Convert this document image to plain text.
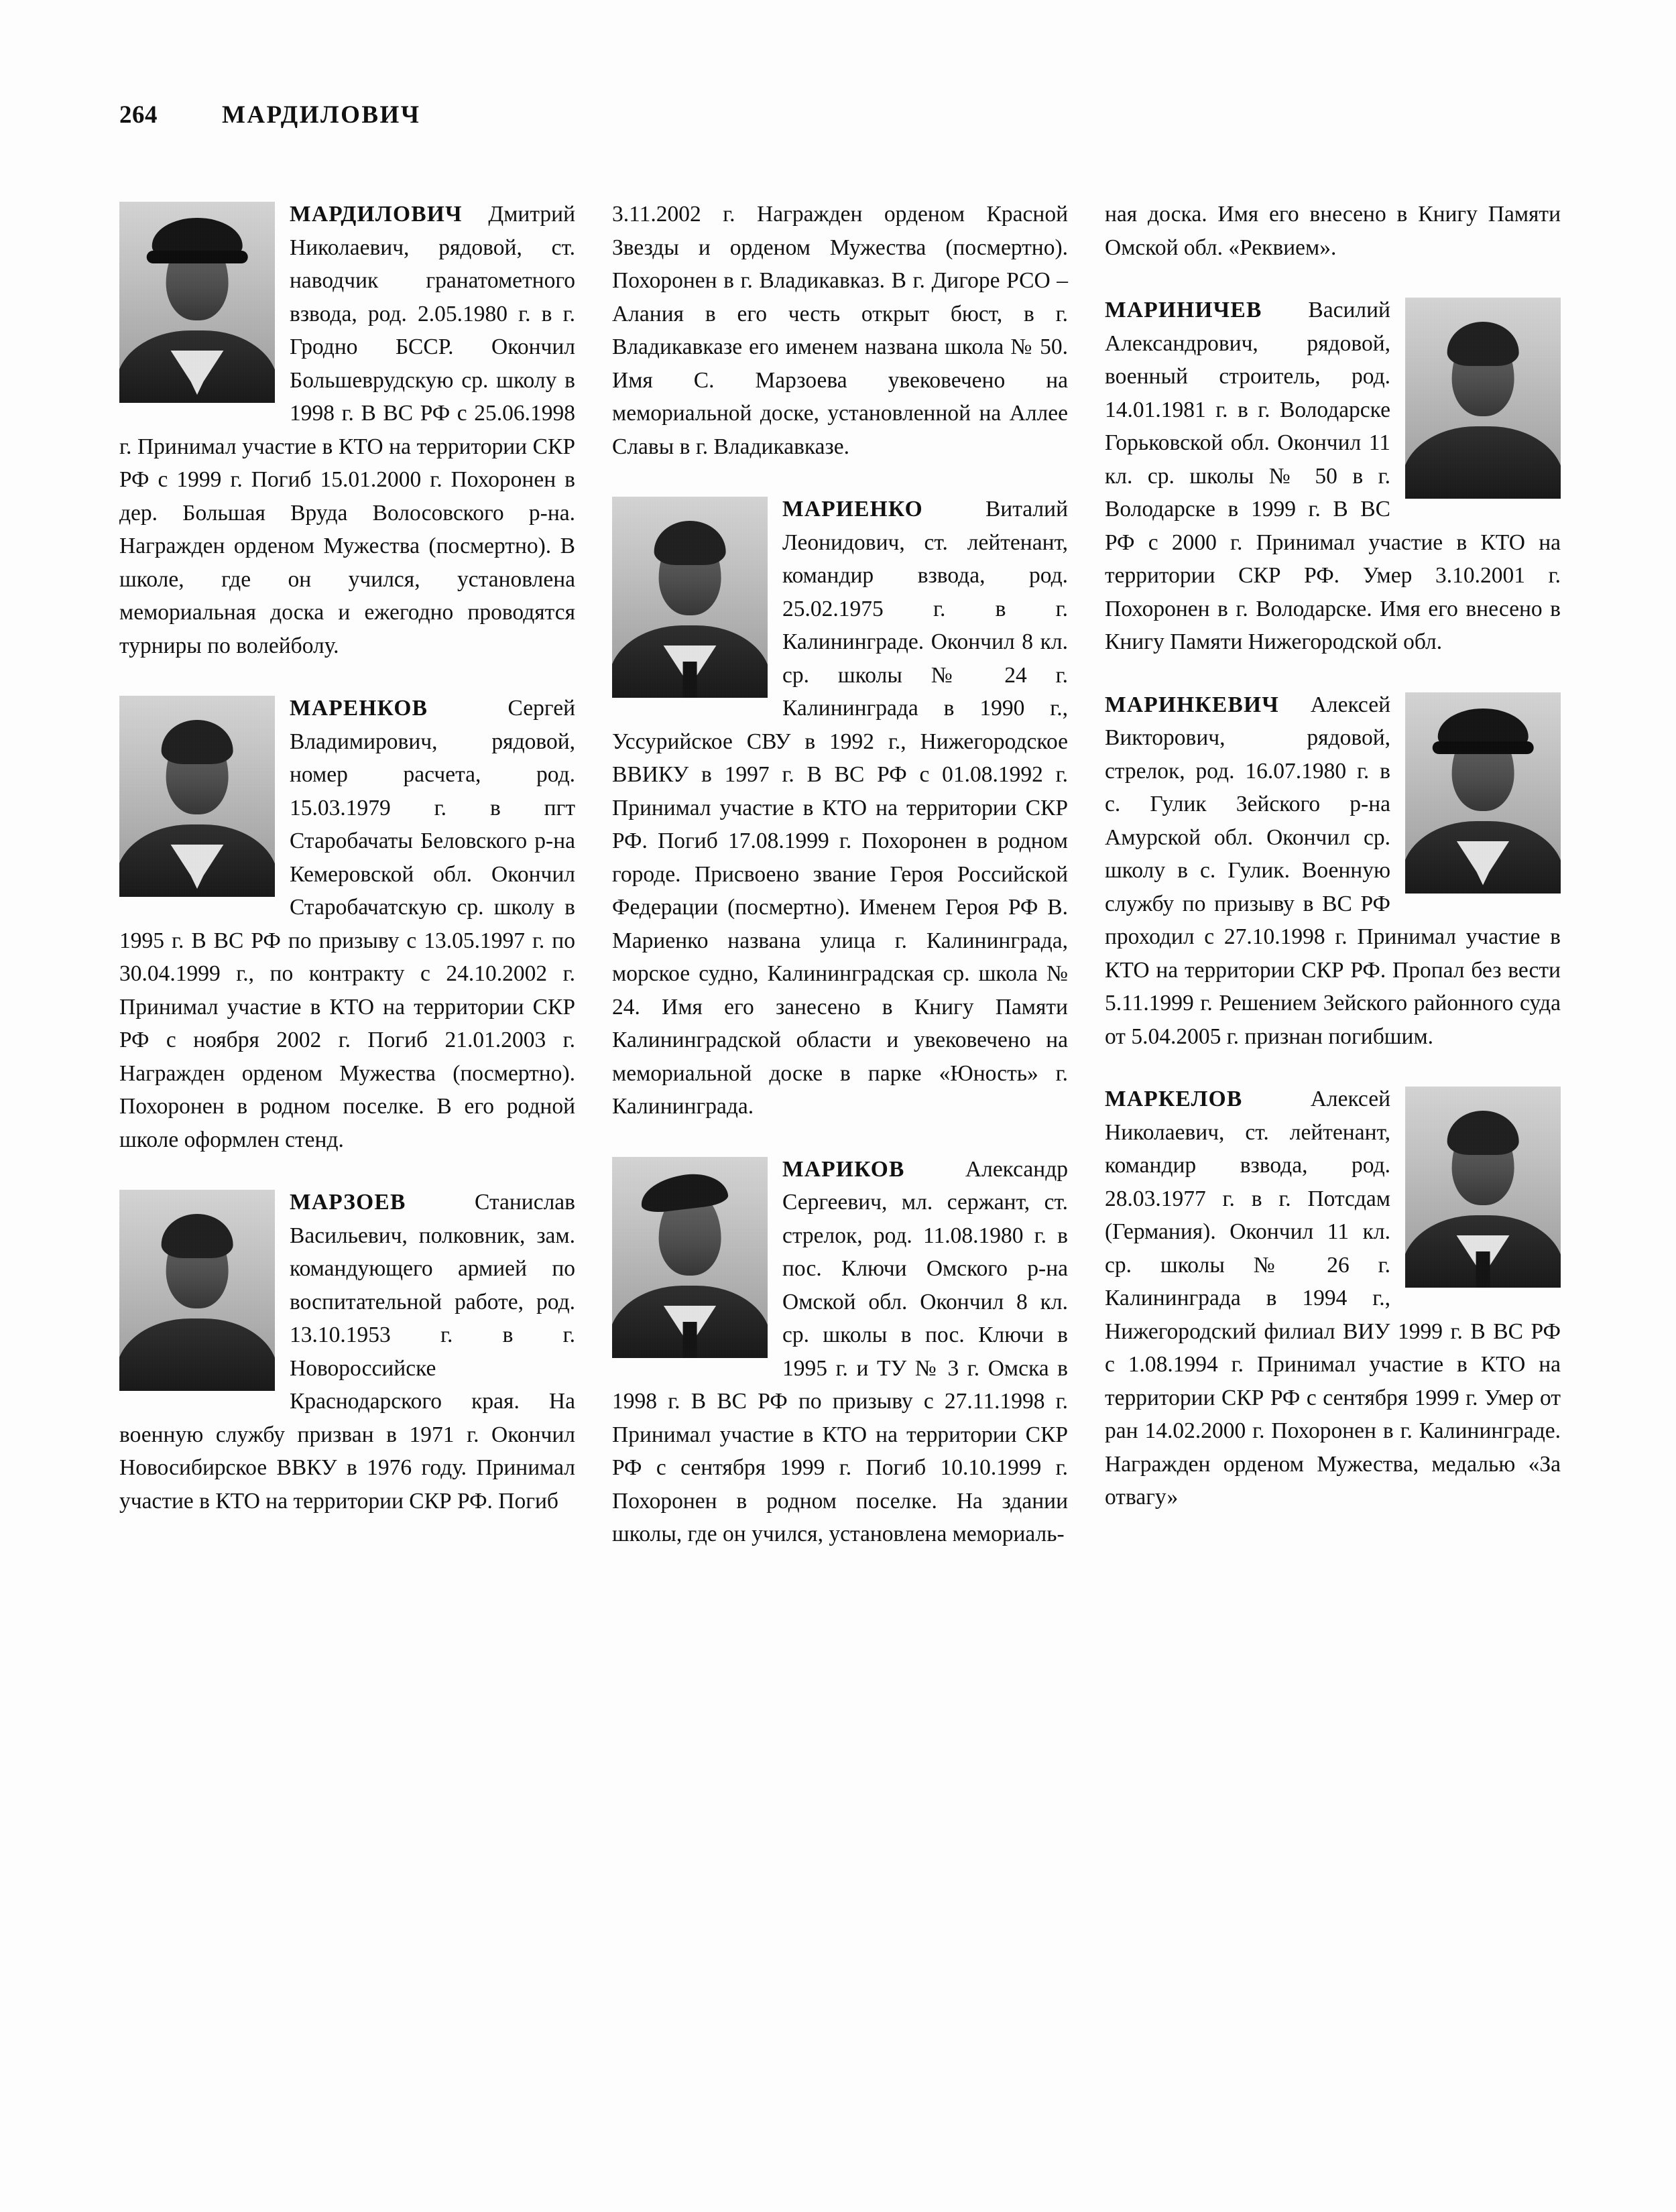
264	МАРДИЛОВИЧ

МАРДИЛОВИЧ Дмитрий Николаевич, рядовой, ст. наводчик гранатометного взвода, род. 2.05.1980 г. в г. Гродно БССР. Окончил Большеврудскую ср. школу в 1998 г. В ВС РФ с 25.06.1998 г. Принимал участие в КТО на территории СКР РФ с 1999 г. Погиб 15.01.2000 г. Похоронен в дер. Большая Вруда Волосовского р-на. Награжден орденом Мужества (посмертно). В школе, где он учился, установлена мемориальная доска и ежегодно проводятся турниры по волейболу.

МАРЕНКОВ Сергей Владимирович, рядовой, номер расчета, род. 15.03.1979 г. в пгт Старобачаты Беловского р-на Кемеровской обл. Окончил Старобачатскую ср. школу в 1995 г. В ВС РФ по призыву с 13.05.1997 г. по 30.04.1999 г., по контракту с 24.10.2002 г. Принимал участие в КТО на территории СКР РФ с ноября 2002 г. Погиб 21.01.2003 г. Награжден орденом Мужества (посмертно). Похоронен в родном поселке. В его родной школе оформлен стенд.

МАРЗОЕВ Станислав Васильевич, полковник, зам. командующего армией по воспитательной работе, род. 13.10.1953 г. в г. Новороссийске Краснодарского края. На военную службу призван в 1971 г. Окончил Новосибирское ВВКУ в 1976 году. Принимал участие в КТО на территории СКР РФ. Погиб

3.11.2002 г. Награжден орденом Красной Звезды и орденом Мужества (посмертно). Похоронен в г. Владикавказ. В г. Дигоре РСО – Алания в его честь открыт бюст, в г. Владикавказе его именем названа школа № 50. Имя С. Марзоева увековечено на мемориальной доске, установленной на Аллее Славы в г. Владикавказе.

МАРИЕНКО Виталий Леонидович, ст. лейтенант, командир взвода, род. 25.02.1975 г. в г. Калининграде. Окончил 8 кл. ср. школы № 24 г. Калининграда в 1990 г., Уссурийское СВУ в 1992 г., Нижегородское ВВИКУ в 1997 г. В ВС РФ с 01.08.1992 г. Принимал участие в КТО на территории СКР РФ. Погиб 17.08.1999 г. Похоронен в родном городе. Присвоено звание Героя Российской Федерации (посмертно). Именем Героя РФ В. Мариенко названа улица г. Калининграда, морское судно, Калининградская ср. школа № 24. Имя его занесено в Книгу Памяти Калининградской области и увековечено на мемориальной доске в парке «Юность» г. Калининграда.

МАРИКОВ Александр Сергеевич, мл. сержант, ст. стрелок, род. 11.08.1980 г. в пос. Ключи Омского р-на Омской обл. Окончил 8 кл. ср. школы в пос. Ключи в 1995 г. и ТУ № 3 г. Омска в 1998 г. В ВС РФ по призыву с 27.11.1998 г. Принимал участие в КТО на территории СКР РФ с сентября 1999 г. Погиб 10.10.1999 г. Похоронен в родном поселке. На здании школы, где он учился, установлена мемориаль-

ная доска. Имя его внесено в Книгу Памяти Омской обл. «Реквием».

МАРИНИЧЕВ Василий Александрович, рядовой, военный строитель, род. 14.01.1981 г. в г. Володарске Горьковской обл. Окончил 11 кл. ср. школы № 50 в г. Володарске в 1999 г. В ВС РФ с 2000 г. Принимал участие в КТО на территории СКР РФ. Умер 3.10.2001 г. Похоронен в г. Володарске. Имя его внесено в Книгу Памяти Нижегородской обл.

МАРИНКЕВИЧ Алексей Викторович, рядовой, стрелок, род. 16.07.1980 г. в с. Гулик Зейского р-на Амурской обл. Окончил ср. школу в с. Гулик. Военную службу по призыву в ВС РФ проходил с 27.10.1998 г. Принимал участие в КТО на территории СКР РФ. Пропал без вести 5.11.1999 г. Решением Зейского районного суда от 5.04.2005 г. признан погибшим.

МАРКЕЛОВ Алексей Николаевич, ст. лейтенант, командир взвода, род. 28.03.1977 г. в г. Потсдам (Германия). Окончил 11 кл. ср. школы № 26 г. Калининграда в 1994 г., Нижегородский филиал ВИУ 1999 г. В ВС РФ с 1.08.1994 г. Принимал участие в КТО на территории СКР РФ с сентября 1999 г. Умер от ран 14.02.2000 г. Похоронен в г. Калининграде. Награжден орденом Мужества, медалью «За отвагу»
